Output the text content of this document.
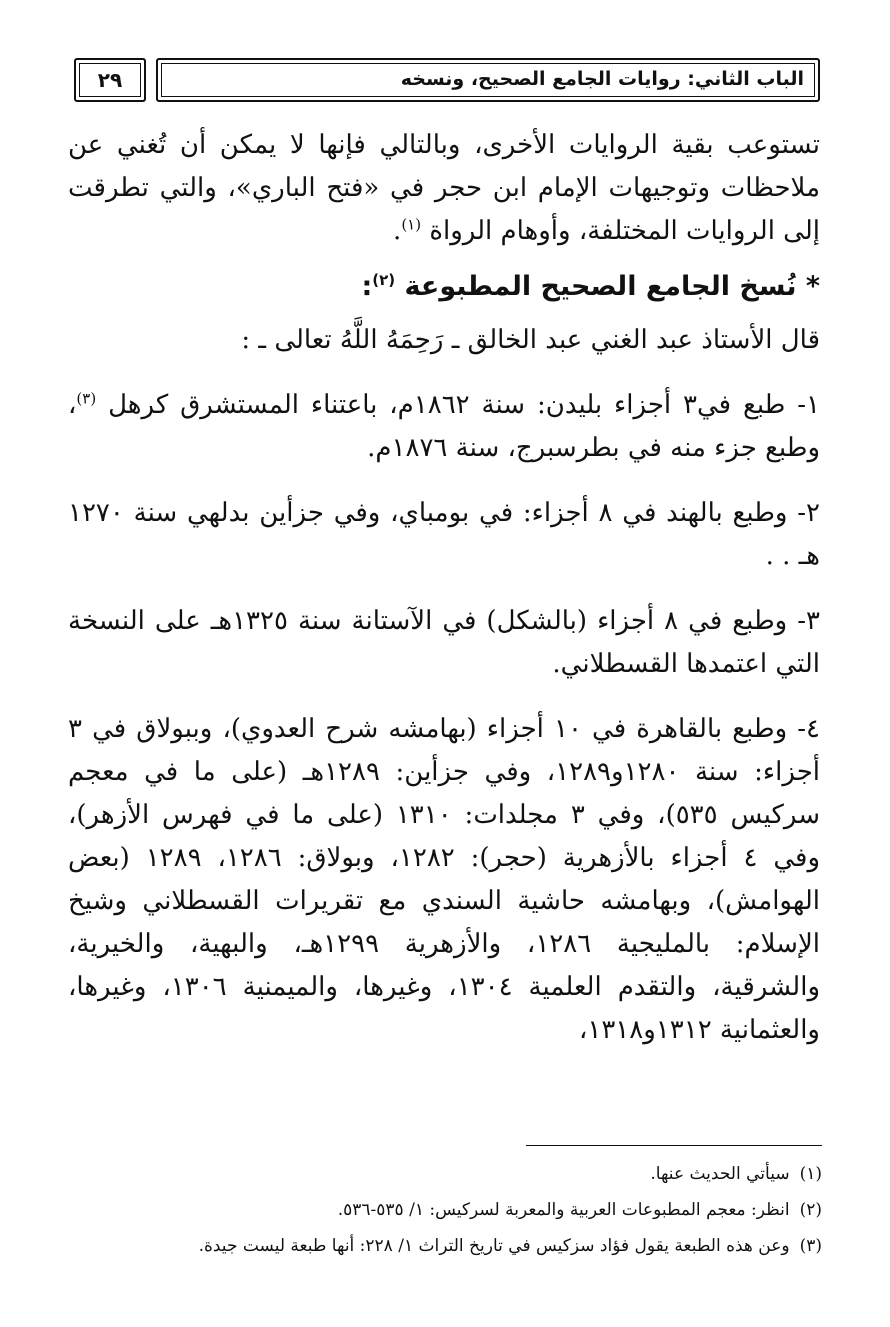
الباب الثاني: روايات الجامع الصحيح، ونسخه
٢٩

تستوعب بقية الروايات الأخرى، وبالتالي فإنها لا يمكن أن تُغني عن ملاحظات وتوجيهات الإمام ابن حجر في «فتح الباري»، والتي تطرقت إلى الروايات المختلفة، وأوهام الرواة $^{(١)}$.

* نُسخ الجامع الصحيح المطبوعة $^{(٢)}$:

قال الأستاذ عبد الغني عبد الخالق ـ رَحِمَهُ اللَّهُ تعالى ـ :

١- طبع في٣ أجزاء بليدن: سنة ١٨٦٢م، باعتناء المستشرق كرهل $^{(٣)}$، وطبع جزء منه في بطرسبرج، سنة ١٨٧٦م.

٢- وطبع بالهند في ٨ أجزاء: في بومباي، وفي جزأين بدلهي سنة ١٢٧٠ هـ . .

٣- وطبع في ٨ أجزاء (بالشكل) في الآستانة سنة ١٣٢٥هـ على النسخة التي اعتمدها القسطلاني.

٤- وطبع بالقاهرة في ١٠ أجزاء (بهامشه شرح العدوي)، وببولاق في ٣ أجزاء: سنة ١٢٨٠و١٢٨٩، وفي جزأين: ١٢٨٩هـ (على ما في معجم سركيس ٥٣٥)، وفي ٣ مجلدات: ١٣١٠ (على ما في فهرس الأزهر)، وفي ٤ أجزاء بالأزهرية (حجر): ١٢٨٢، وبولاق: ١٢٨٦، ١٢٨٩ (بعض الهوامش)، وبهامشه حاشية السندي مع تقريرات القسطلاني وشيخ الإسلام: بالمليجية ١٢٨٦، والأزهرية ١٢٩٩هـ، والبهية، والخيرية، والشرقية، والتقدم العلمية ١٣٠٤، وغيرها، والميمنية ١٣٠٦، وغيرها، والعثمانية ١٣١٢و١٣١٨،

(١)سيأتي الحديث عنها.

(٢)انظر: معجم المطبوعات العربية والمعربة لسركيس: ١/ ٥٣٥-٥٣٦.

(٣)وعن هذه الطبعة يقول فؤاد سزكيس في تاريخ التراث ١/ ٢٢٨: أنها طبعة ليست جيدة.
